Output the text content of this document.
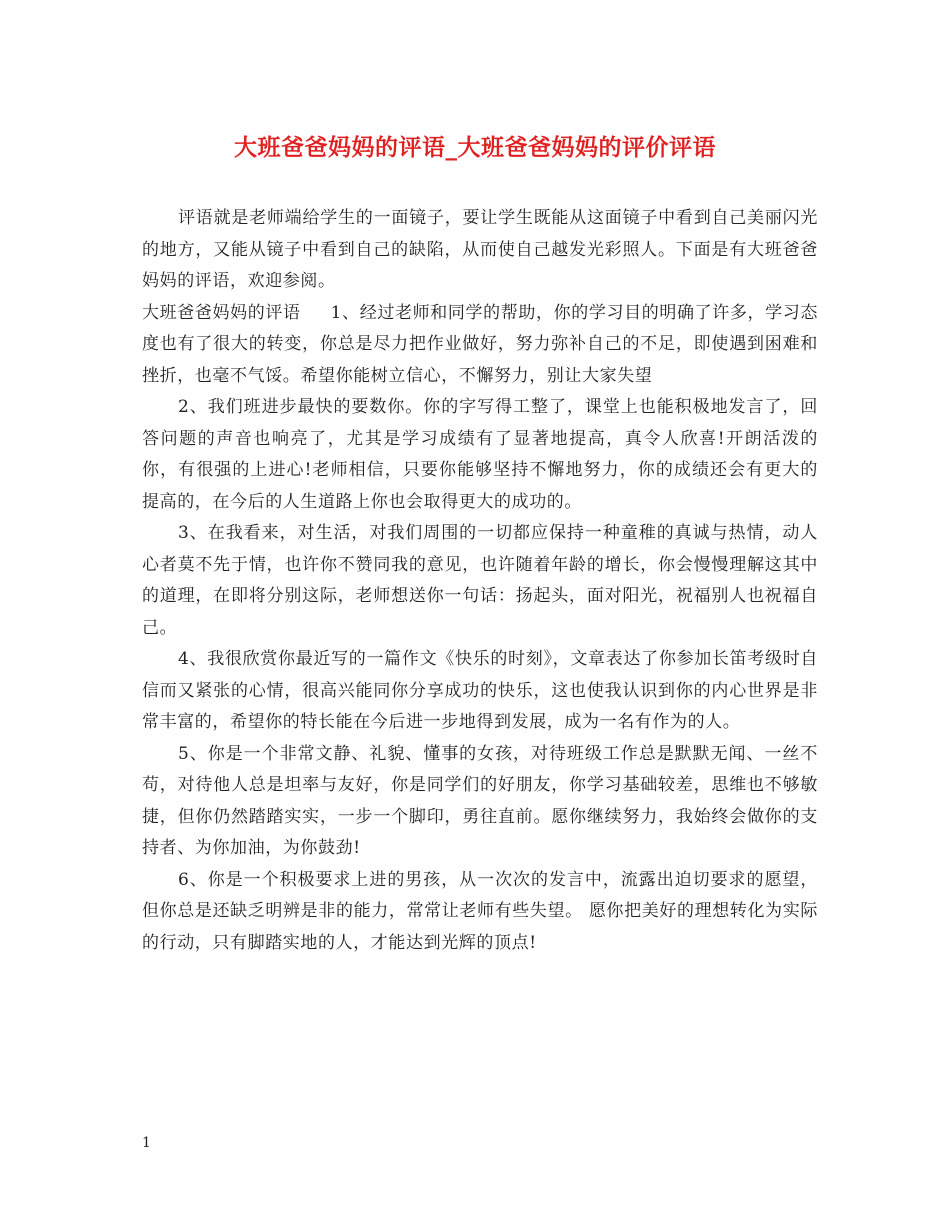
大班爸爸妈妈的评语_大班爸爸妈妈的评价评语

评语就是老师端给学生的一面镜子，要让学生既能从这面镜子中看到自己美丽闪光的地方，又能从镜子中看到自己的缺陷，从而使自己越发光彩照人。下面是有大班爸爸妈妈的评语，欢迎参阅。

大班爸爸妈妈的评语 1、经过老师和同学的帮助，你的学习目的明确了许多，学习态度也有了很大的转变，你总是尽力把作业做好，努力弥补自己的不足，即使遇到困难和挫折，也毫不气馁。希望你能树立信心，不懈努力，别让大家失望

2、我们班进步最快的要数你。你的字写得工整了，课堂上也能积极地发言了，回答问题的声音也响亮了，尤其是学习成绩有了显著地提高，真令人欣喜!开朗活泼的你，有很强的上进心!老师相信，只要你能够坚持不懈地努力，你的成绩还会有更大的提高的，在今后的人生道路上你也会取得更大的成功的。

3、在我看来，对生活，对我们周围的一切都应保持一种童稚的真诚与热情，动人心者莫不先于情，也许你不赞同我的意见，也许随着年龄的增长，你会慢慢理解这其中的道理，在即将分别这际，老师想送你一句话：扬起头，面对阳光，祝福别人也祝福自己。

4、我很欣赏你最近写的一篇作文《快乐的时刻》，文章表达了你参加长笛考级时自信而又紧张的心情，很高兴能同你分享成功的快乐，这也使我认识到你的内心世界是非常丰富的，希望你的特长能在今后进一步地得到发展，成为一名有作为的人。

5、你是一个非常文静、礼貌、懂事的女孩，对待班级工作总是默默无闻、一丝不苟，对待他人总是坦率与友好，你是同学们的好朋友，你学习基础较差，思维也不够敏捷，但你仍然踏踏实实，一步一个脚印，勇往直前。愿你继续努力，我始终会做你的支持者、为你加油，为你鼓劲!

6、你是一个积极要求上进的男孩，从一次次的发言中，流露出迫切要求的愿望，但你总是还缺乏明辨是非的能力，常常让老师有些失望。 愿你把美好的理想转化为实际的行动，只有脚踏实地的人，才能达到光辉的顶点!

1
